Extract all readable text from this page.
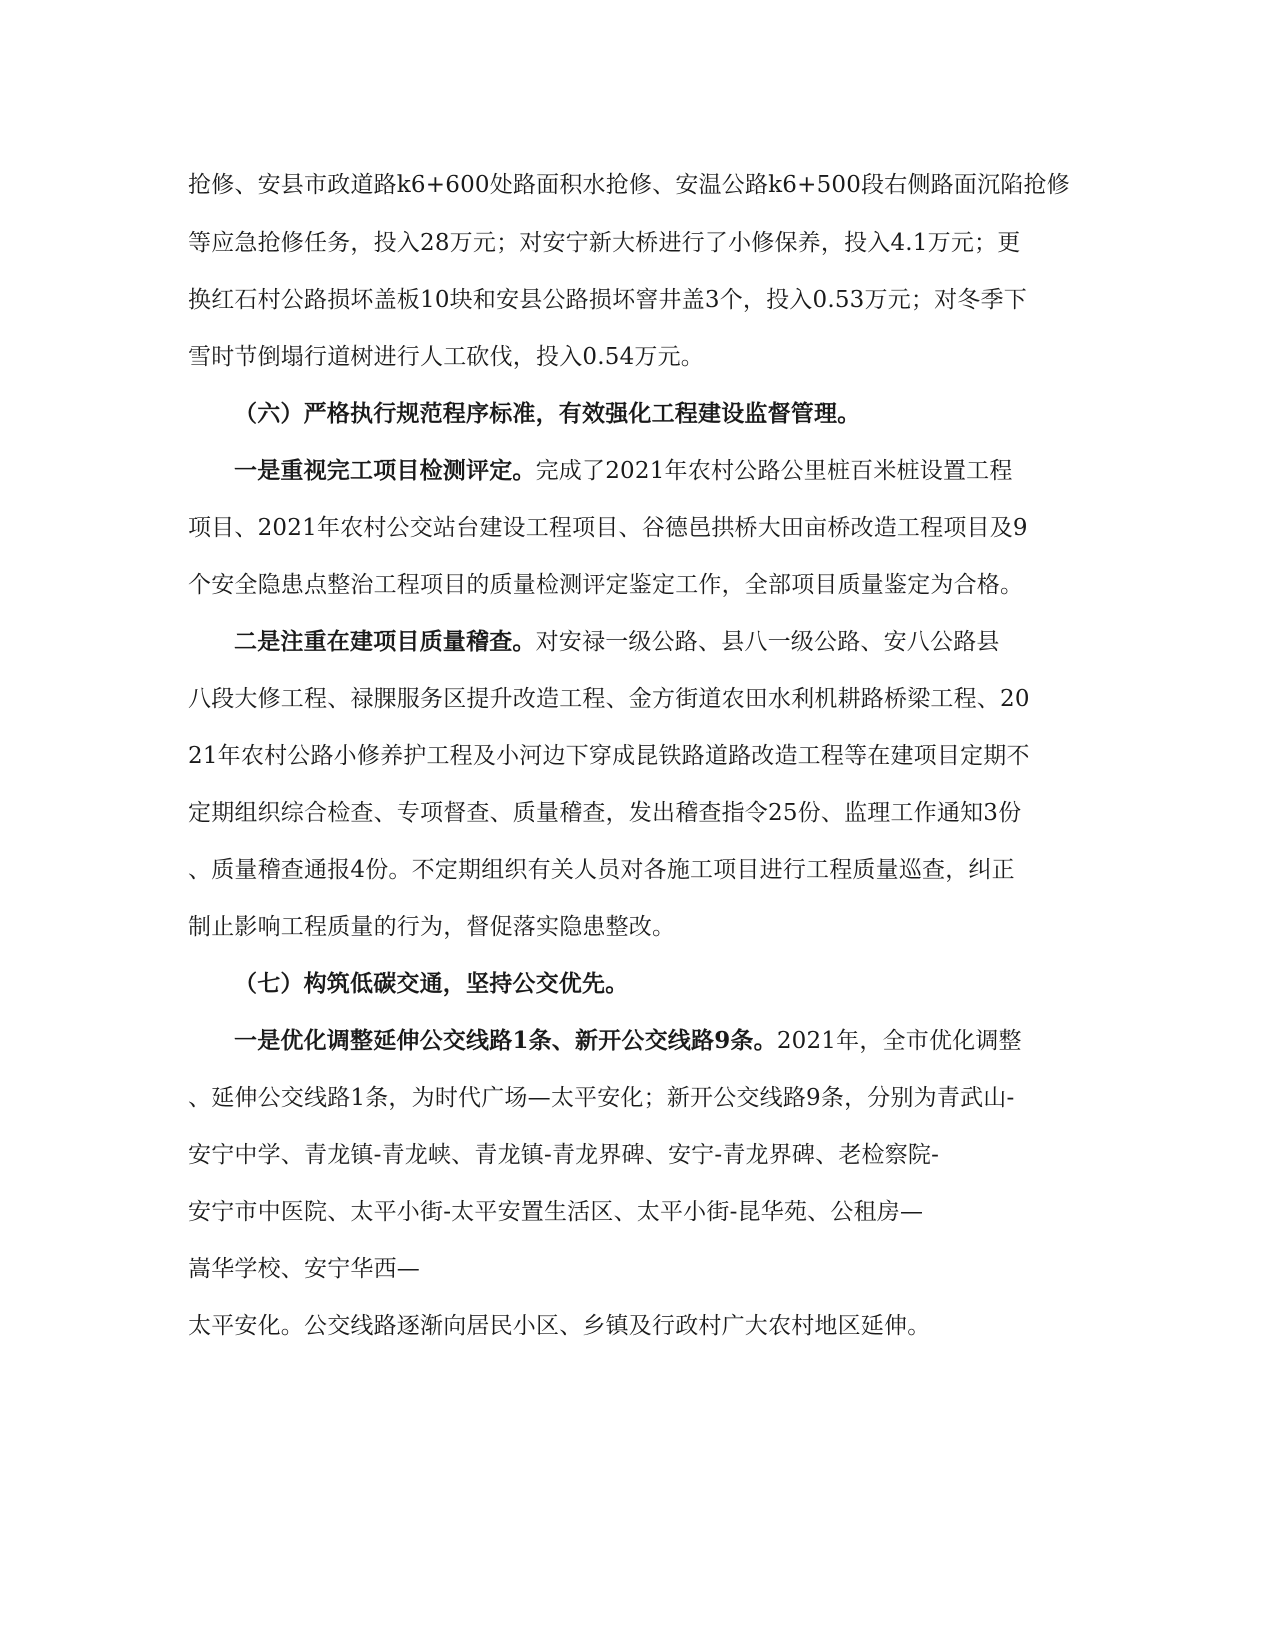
抢修、安县市政道路k6+600处路面积水抢修、安温公路k6+500段右侧路面沉陷抢修
等应急抢修任务，投入28万元；对安宁新大桥进行了小修保养，投入4.1万元；更
换红石村公路损坏盖板10块和安县公路损坏窨井盖3个，投入0.53万元；对冬季下
雪时节倒塌行道树进行人工砍伐，投入0.54万元。
（六）严格执行规范程序标准，有效强化工程建设监督管理。
一是重视完工项目检测评定。完成了2021年农村公路公里桩百米桩设置工程
项目、2021年农村公交站台建设工程项目、谷德邑拱桥大田亩桥改造工程项目及9
个安全隐患点整治工程项目的质量检测评定鉴定工作，全部项目质量鉴定为合格。
二是注重在建项目质量稽查。对安禄一级公路、县八一级公路、安八公路县
八段大修工程、禄腂服务区提升改造工程、金方街道农田水利机耕路桥梁工程、20
21年农村公路小修养护工程及小河边下穿成昆铁路道路改造工程等在建项目定期不
定期组织综合检查、专项督查、质量稽查，发出稽查指令25份、监理工作通知3份
、质量稽查通报4份。不定期组织有关人员对各施工项目进行工程质量巡查，纠正
制止影响工程质量的行为，督促落实隐患整改。
（七）构筑低碳交通，坚持公交优先。
一是优化调整延伸公交线路1条、新开公交线路9条。2021年，全市优化调整
、延伸公交线路1条，为时代广场—太平安化；新开公交线路9条，分别为青武山-
安宁中学、青龙镇-青龙峡、青龙镇-青龙界碑、安宁-青龙界碑、老检察院-
安宁市中医院、太平小街-太平安置生活区、太平小街-昆华苑、公租房—
嵩华学校、安宁华西—
太平安化。公交线路逐渐向居民小区、乡镇及行政村广大农村地区延伸。
